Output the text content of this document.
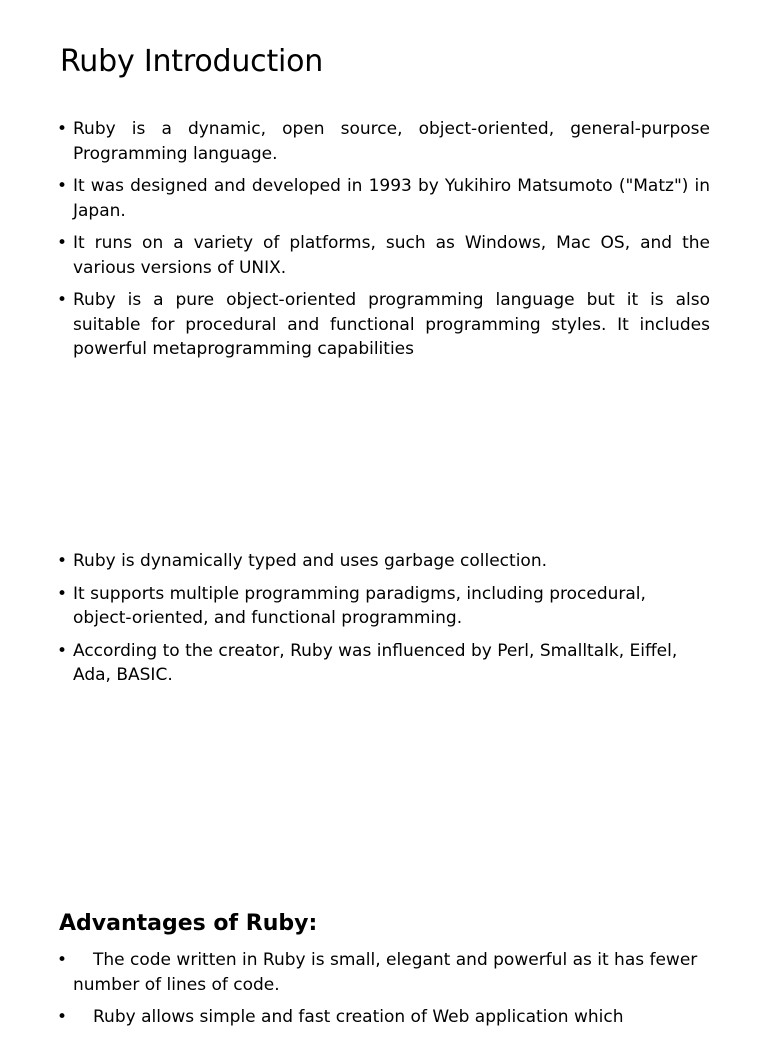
Ruby Introduction
• Ruby is a dynamic, open source, object-oriented, general-purpose Programming language.
• It was designed and developed in 1993 by Yukihiro Matsumoto ("Matz") in Japan.
• It runs on a variety of platforms, such as Windows, Mac OS, and the various versions of UNIX.
• Ruby is a pure object-oriented programming language but it is also suitable for procedural and functional programming styles. It includes powerful metaprogramming capabilities
• Ruby is dynamically typed and uses garbage collection.
• It supports multiple programming paradigms, including procedural, object-oriented, and functional programming.
• According to the creator, Ruby was influenced by Perl, Smalltalk, Eiffel, Ada, BASIC.
Advantages of Ruby:
•	The code written in Ruby is small, elegant and powerful as it has fewer number of lines of code.
•	Ruby allows simple and fast creation of Web application which
